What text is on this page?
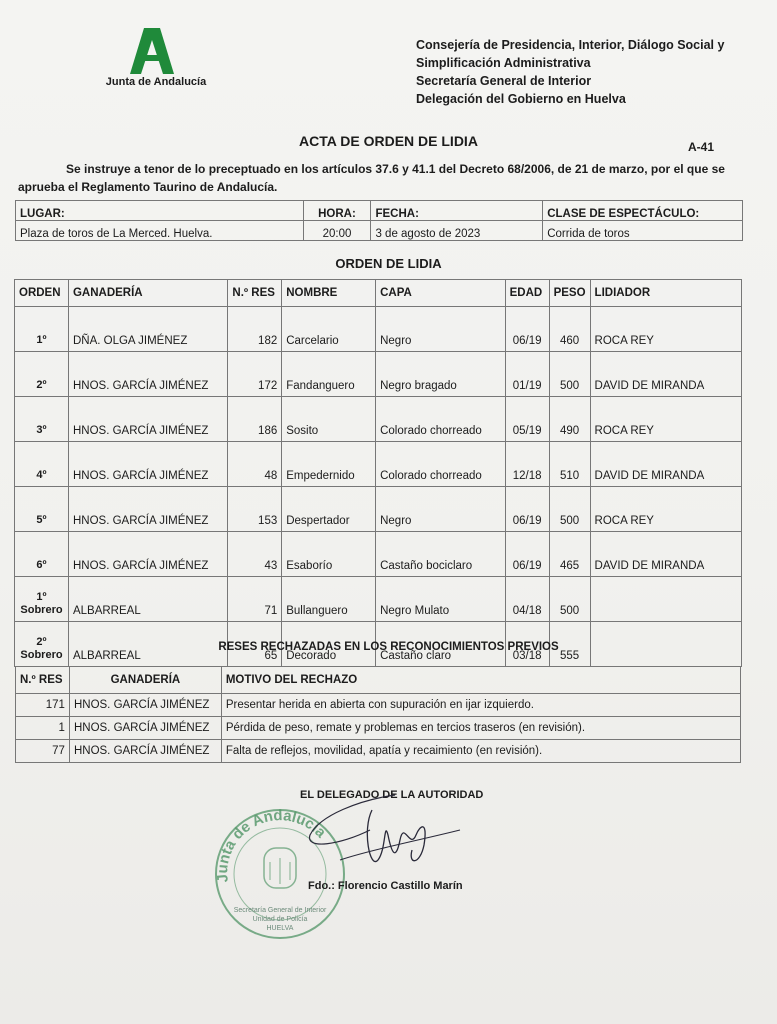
Junta de Andalucía
Consejería de Presidencia, Interior, Diálogo Social y
Simplificación Administrativa
Secretaría General de Interior
Delegación del Gobierno en Huelva
ACTA DE ORDEN DE LIDIA	A-41
Se instruye a tenor de lo preceptuado en los artículos 37.6 y 41.1 del Decreto 68/2006, de 21 de marzo, por el que se
aprueba el Reglamento Taurino de Andalucía.
LUGAR:	HORA:	FECHA:	CLASE DE ESPECTÁCULO:
Plaza de toros de La Merced. Huelva.	20:00	3 de agosto de 2023	Corrida de toros
ORDEN DE LIDIA
ORDEN	GANADERÍA	N.º RES	NOMBRE	CAPA	EDAD	PESO	LIDIADOR

1º	DÑA. OLGA JIMÉNEZ	182	Carcelario	Negro	06/19	460	ROCA REY

2º	HNOS. GARCÍA JIMÉNEZ	172	Fandanguero	Negro bragado	01/19	500	DAVID DE MIRANDA

3º	HNOS. GARCÍA JIMÉNEZ	186	Sosito	Colorado chorreado	05/19	490	ROCA REY

4º	HNOS. GARCÍA JIMÉNEZ	48	Empedernido	Colorado chorreado	12/18	510	DAVID DE MIRANDA

5º	HNOS. GARCÍA JIMÉNEZ	153	Despertador	Negro	06/19	500	ROCA REY

6º	HNOS. GARCÍA JIMÉNEZ	43	Esaborío	Castaño bociclaro	06/19	465	DAVID DE MIRANDA

1º
Sobrero	ALBARREAL	71	Bullanguero	Negro Mulato	04/18	500	

2º
Sobrero	ALBARREAL	65	Decorado	Castaño claro	03/18	555	
RESES RECHAZADAS EN LOS RECONOCIMIENTOS PREVIOS
N.º RES	GANADERÍA	MOTIVO DEL RECHAZO
171	HNOS. GARCÍA JIMÉNEZ	Presentar herida en abierta con supuración en ijar izquierdo.
1	HNOS. GARCÍA JIMÉNEZ	Pérdida de peso, remate y problemas en tercios traseros (en revisión).
77	HNOS. GARCÍA JIMÉNEZ	Falta de reflejos, movilidad, apatía y recaimiento (en revisión).
Junta de Andalucía
Secretaría General de Interior
Unidad de Policía
HUELVA
EL DELEGADO DE LA AUTORIDAD
Fdo.: Florencio Castillo Marín
